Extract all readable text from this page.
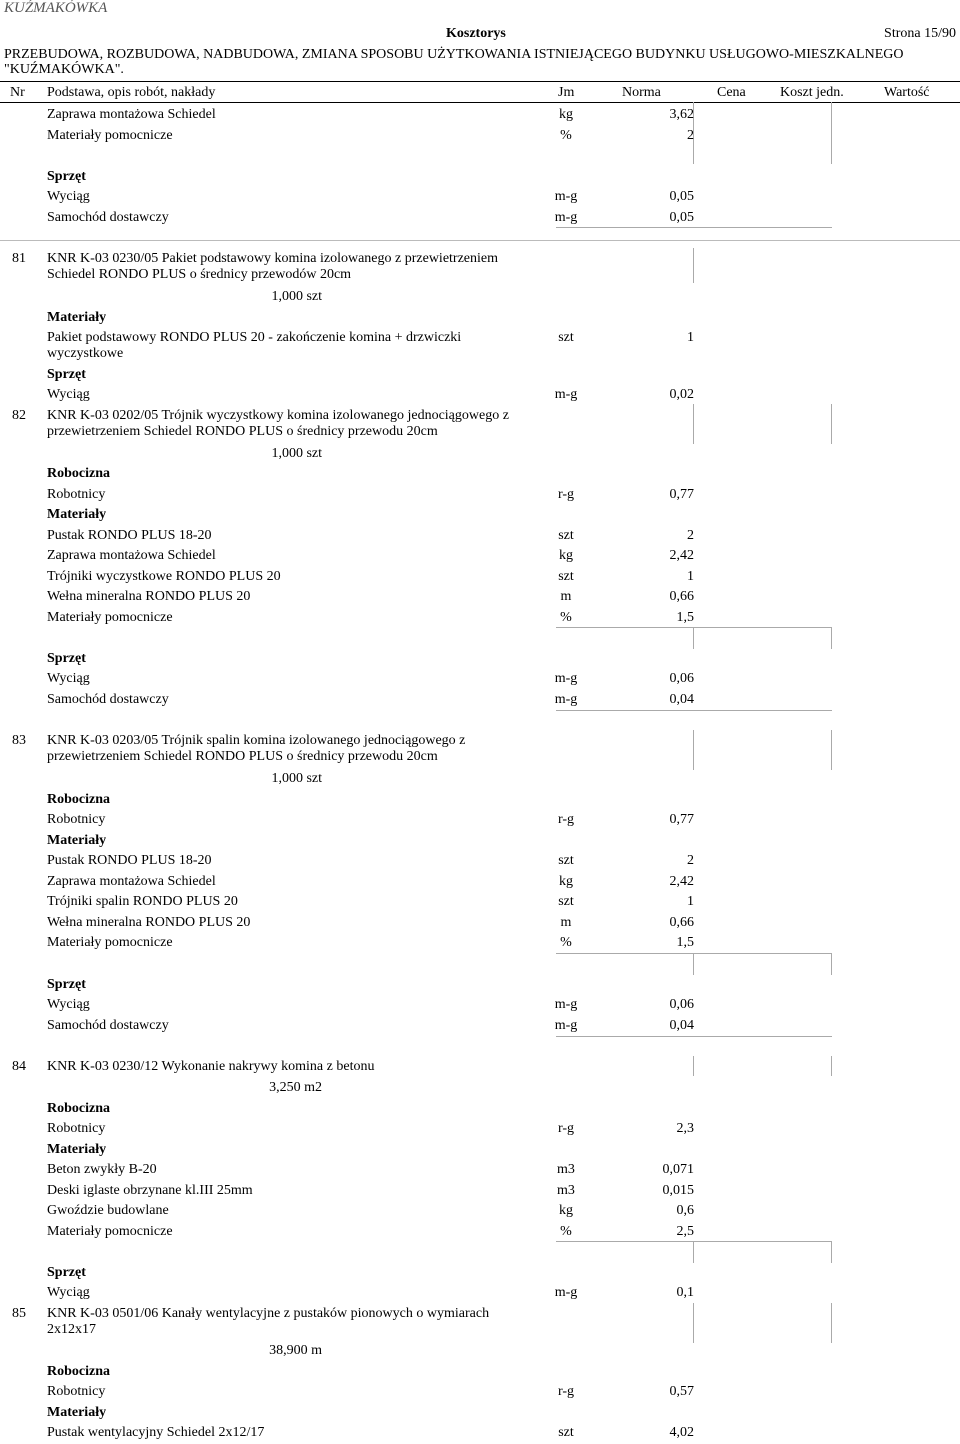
KUŹMAKÓWKA
Kosztorys	Strona 15/90
PRZEBUDOWA, ROZBUDOWA, NADBUDOWA, ZMIANA SPOSOBU UŻYTKOWANIA ISTNIEJĄCEGO BUDYNKU USŁUGOWO-MIESZKALNEGO
"KUŹMAKÓWKA".
Nr Podstawa, opis robót, nakłady	Jm	Norma	Cena Koszt jedn.	Wartość
Zaprawa montażowa Schiedel	kg	3,62
Materiały pomocnicze	%	2
Sprzęt
Wyciąg	m-g	0,05
Samochód dostawczy	m-g	0,05
81 KNR K-03 0230/05 Pakiet podstawowy komina izolowanego z przewietrzeniem
Schiedel RONDO PLUS o średnicy przewodów 20cm
1,000 szt
Materiały
Pakiet podstawowy RONDO PLUS 20 - zakończenie komina + drzwiczki	szt	1
wyczystkowe
Sprzęt
Wyciąg	m-g	0,02
82 KNR K-03 0202/05 Trójnik wyczystkowy komina izolowanego jednociągowego z
przewietrzeniem Schiedel RONDO PLUS o średnicy przewodu 20cm
1,000 szt
Robocizna
Robotnicy	r-g	0,77
Materiały
Pustak RONDO PLUS 18-20	szt	2
Zaprawa montażowa Schiedel	kg	2,42
Trójniki wyczystkowe RONDO PLUS 20	szt	1
Wełna mineralna RONDO PLUS 20	m	0,66
Materiały pomocnicze	%	1,5
Sprzęt
Wyciąg	m-g	0,06
Samochód dostawczy	m-g	0,04
83 KNR K-03 0203/05 Trójnik spalin komina izolowanego jednociągowego z
przewietrzeniem Schiedel RONDO PLUS o średnicy przewodu 20cm
1,000 szt
Robocizna
Robotnicy	r-g	0,77
Materiały
Pustak RONDO PLUS 18-20	szt	2
Zaprawa montażowa Schiedel	kg	2,42
Trójniki spalin RONDO PLUS 20	szt	1
Wełna mineralna RONDO PLUS 20	m	0,66
Materiały pomocnicze	%	1,5
Sprzęt
Wyciąg	m-g	0,06
Samochód dostawczy	m-g	0,04
84 KNR K-03 0230/12 Wykonanie nakrywy komina z betonu
3,250 m2
Robocizna
Robotnicy	r-g	2,3
Materiały
Beton zwykły B-20	m3	0,071
Deski iglaste obrzynane kl.III 25mm	m3	0,015
Gwoździe budowlane	kg	0,6
Materiały pomocnicze	%	2,5
Sprzęt
Wyciąg	m-g	0,1
85 KNR K-03 0501/06 Kanały wentylacyjne z pustaków pionowych o wymiarach
2x12x17
38,900 m
Robocizna
Robotnicy	r-g	0,57
Materiały
Pustak wentylacyjny Schiedel 2x12/17	szt	4,02
